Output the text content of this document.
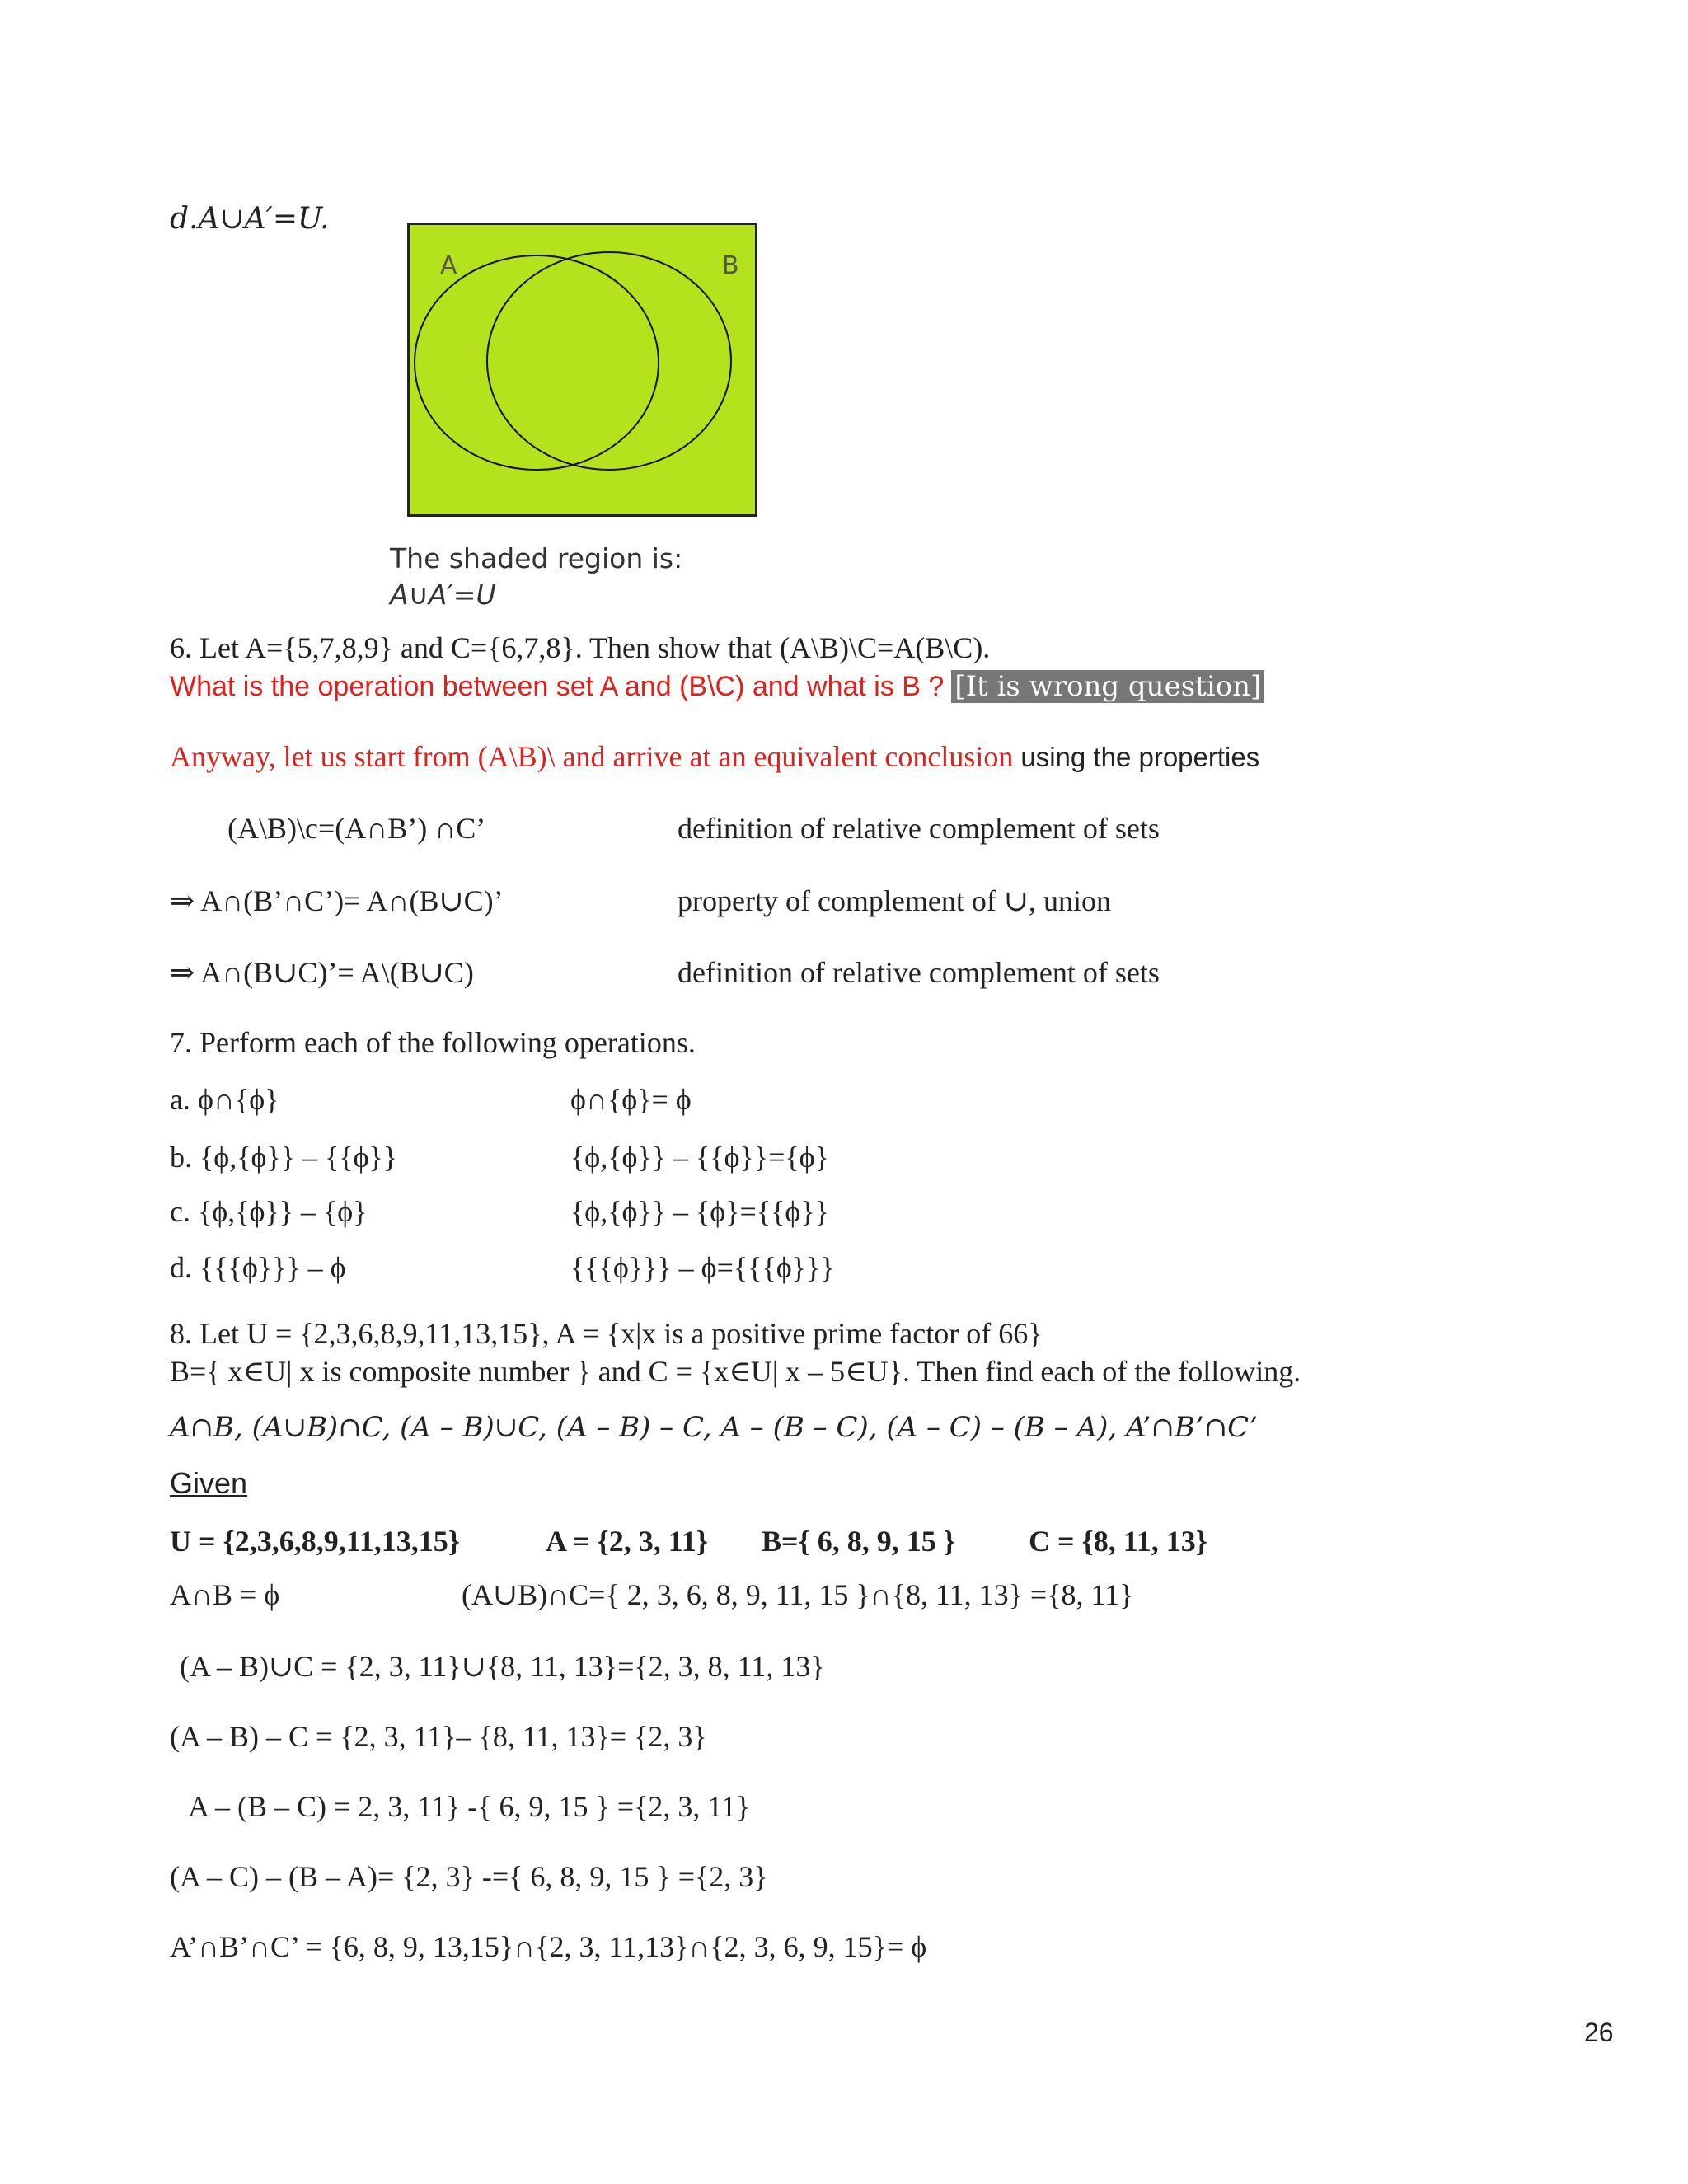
d.A∪A′=U.
A	B
The shaded region is:
A∪A′=U
6. Let A={5,7,8,9} and C={6,7,8}. Then show that (A\B)\C=A(B\C).
What is the operation between set A and (B\C) and what is B ? [It is wrong question]
Anyway, let us start from (A\B)\ and arrive at an equivalent conclusion using the properties
(A\B)\c=(A∩B’) ∩C’	definition of relative complement of sets
⇒ A∩(B’∩C’)= A∩(B∪C)’	property of complement of ∪, union
⇒ A∩(B∪C)’= A\(B∪C)	definition of relative complement of sets
7. Perform each of the following operations.
a. ϕ∩{ϕ}	ϕ∩{ϕ}= ϕ
b. {ϕ,{ϕ}} – {{ϕ}}	{ϕ,{ϕ}} – {{ϕ}}={ϕ}
c. {ϕ,{ϕ}} – {ϕ}	{ϕ,{ϕ}} – {ϕ}={{ϕ}}
d. {{{ϕ}}} – ϕ	{{{ϕ}}} – ϕ={{{ϕ}}}
8. Let U = {2,3,6,8,9,11,13,15}, A = {x|x is a positive prime factor of 66}
B={ x∈U| x is composite number } and C = {x∈U| x – 5∈U}. Then find each of the following.
A∩B, (A∪B)∩C, (A – B)∪C, (A – B) – C, A – (B – C), (A – C) – (B – A), A’∩B’∩C’
Given
U = {2,3,6,8,9,11,13,15}	A = {2, 3, 11} B={ 6, 8, 9, 15 } C = {8, 11, 13}
A∩B = ϕ	(A∪B)∩C={ 2, 3, 6, 8, 9, 11, 15 }∩{8, 11, 13} ={8, 11}
(A – B)∪C = {2, 3, 11}∪{8, 11, 13}={2, 3, 8, 11, 13}
(A – B) – C = {2, 3, 11}– {8, 11, 13}= {2, 3}
A – (B – C) = 2, 3, 11} -{ 6, 9, 15 } ={2, 3, 11}
(A – C) – (B – A)= {2, 3} -={ 6, 8, 9, 15 } ={2, 3}
A’∩B’∩C’ = {6, 8, 9, 13,15}∩{2, 3, 11,13}∩{2, 3, 6, 9, 15}= ϕ
26
